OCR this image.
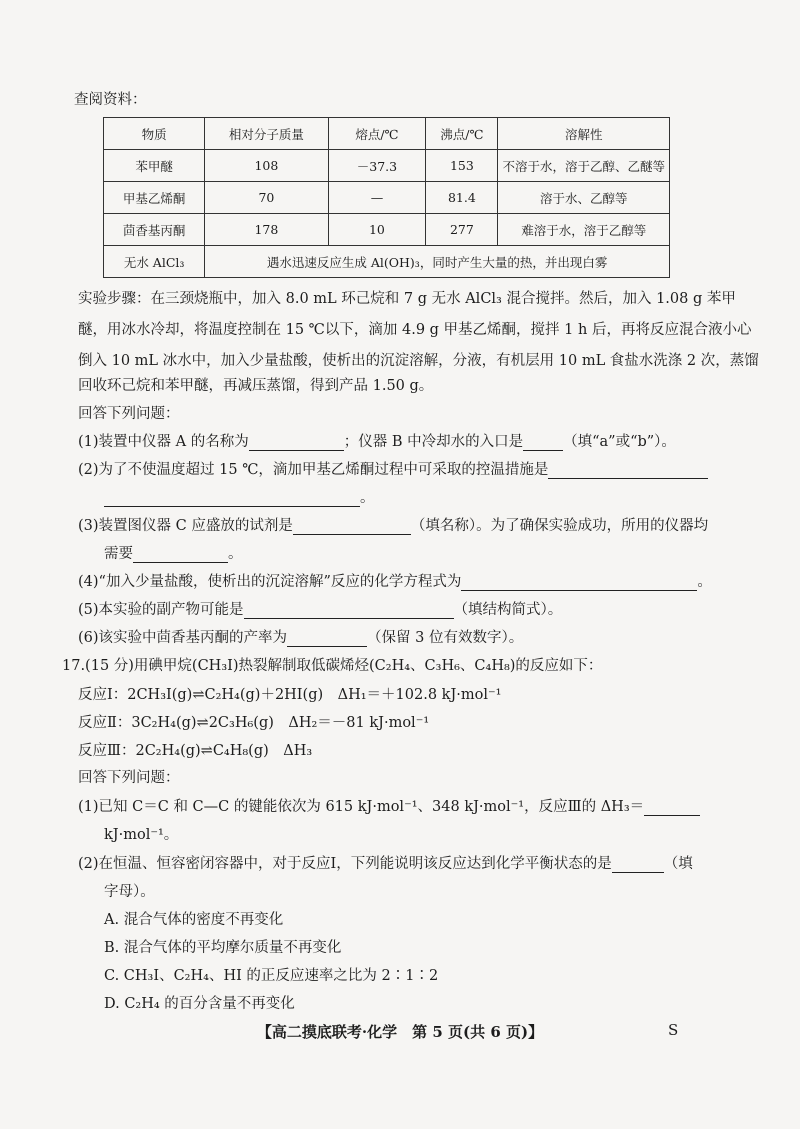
查阅资料：
物质	相对分子质量	熔点/℃	沸点/℃	溶解性
苯甲醚	108	－37.3	153	不溶于水，溶于乙醇、乙醚等
甲基乙烯酮	70	—	81.4	溶于水、乙醇等
茴香基丙酮	178	10	277	难溶于水，溶于乙醇等
无水 AlCl₃	遇水迅速反应生成 Al(OH)₃，同时产生大量的热，并出现白雾			
实验步骤：在三颈烧瓶中，加入 8.0 mL 环己烷和 7 g 无水 AlCl₃ 混合搅拌。然后，加入 1.08 g 苯甲
醚，用冰水冷却，将温度控制在 15 ℃以下，滴加 4.9 g 甲基乙烯酮，搅拌 1 h 后，再将反应混合液小心
倒入 10 mL 冰水中，加入少量盐酸，使析出的沉淀溶解，分液，有机层用 10 mL 食盐水洗涤 2 次，蒸馏
回收环己烷和苯甲醚，再减压蒸馏，得到产品 1.50 g。
回答下列问题：
(1)装置中仪器 A 的名称为	；仪器 B 中冷却水的入口是	（填“a”或“b”）。
(2)为了不使温度超过 15 ℃，滴加甲基乙烯酮过程中可采取的控温措施是
。
(3)装置图仪器 C 应盛放的试剂是	（填名称）。为了确保实验成功，所用的仪器均
需要	。
(4)“加入少量盐酸，使析出的沉淀溶解”反应的化学方程式为	。
(5)本实验的副产物可能是	（填结构简式）。
(6)该实验中茴香基丙酮的产率为	（保留 3 位有效数字）。
17.(15 分)用碘甲烷(CH₃I)热裂解制取低碳烯烃(C₂H₄、C₃H₆、C₄H₈)的反应如下：
反应Ⅰ：2CH₃I(g)⇌C₂H₄(g)＋2HI(g)　ΔH₁＝＋102.8 kJ·mol⁻¹
反应Ⅱ：3C₂H₄(g)⇌2C₃H₆(g)　ΔH₂＝－81 kJ·mol⁻¹
反应Ⅲ：2C₂H₄(g)⇌C₄H₈(g)　ΔH₃
回答下列问题：
(1)已知 C＝C 和 C—C 的键能依次为 615 kJ·mol⁻¹、348 kJ·mol⁻¹，反应Ⅲ的 ΔH₃＝
kJ·mol⁻¹。
(2)在恒温、恒容密闭容器中，对于反应Ⅰ，下列能说明该反应达到化学平衡状态的是	（填
字母）。
A. 混合气体的密度不再变化
B. 混合气体的平均摩尔质量不再变化
C. CH₃I、C₂H₄、HI 的正反应速率之比为 2∶1∶2
D. C₂H₄ 的百分含量不再变化
【高二摸底联考·化学　第 5 页(共 6 页)】	S
